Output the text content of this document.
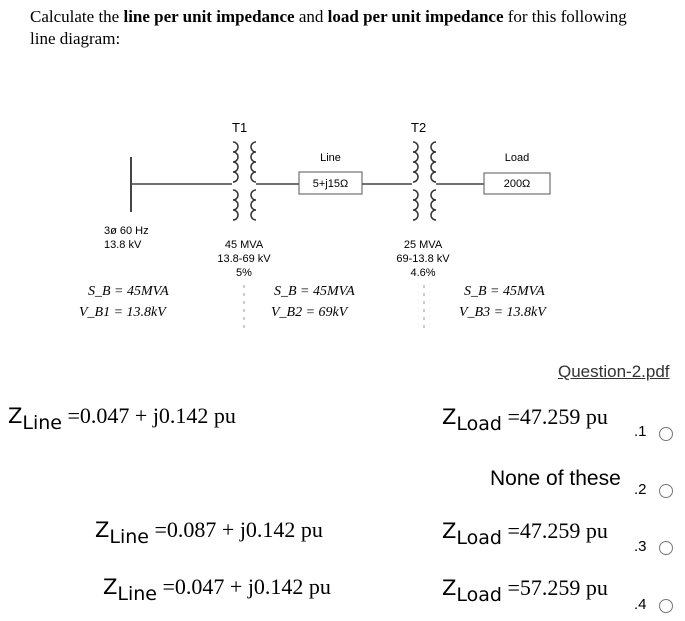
Calculate the line per unit impedance and load per unit impedance for this following line diagram:
T1	T2
Line
5+j15Ω
Load
200Ω
3ø 60 Hz
13.8 kV	45 MVA
13.8-69 kV
5%
25 MVA
69-13.8 kV
4.6%
S_B = 45MVA
V_B1 = 13.8kV
S_B = 45MVA
V_B2 = 69kV
S_B = 45MVA
V_B3 = 13.8kV
Question-2.pdf
ZLine =0.047 + j0.142 pu
ZLine =0.087 + j0.142 pu
ZLine =0.047 + j0.142 pu
ZLoad =47.259 pu
.1
None of these .2
ZLoad =47.259 pu
.3
ZLoad =57.259 pu
.4
